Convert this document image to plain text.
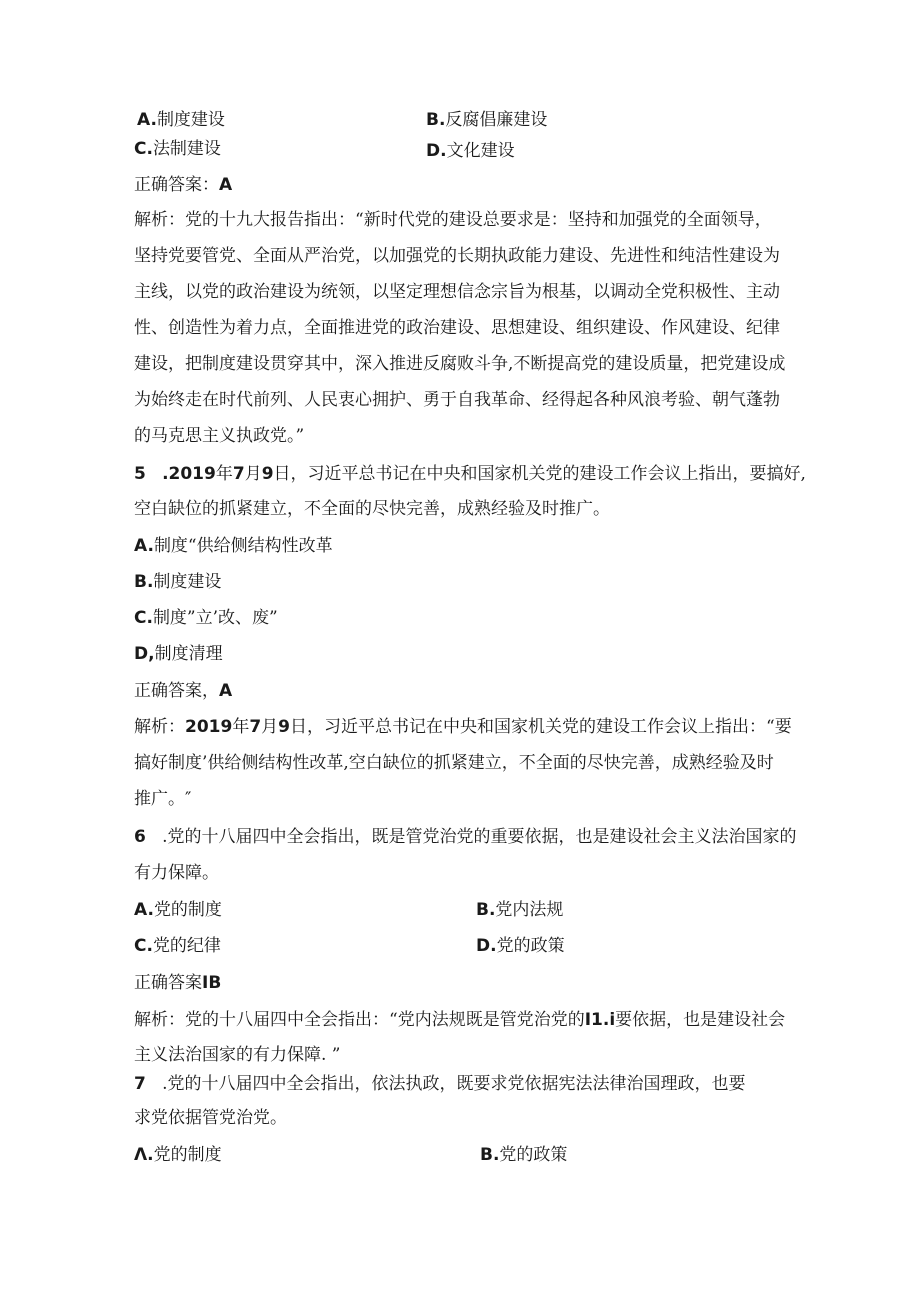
A.制度建设	B.反腐倡廉建设
C.法制建设	D.文化建设
正确答案：A
解析：党的十九大报告指出：“新时代党的建设总要求是：坚持和加强党的全面领导，
坚持党要管党、全面从严治党，以加强党的长期执政能力建设、先进性和纯洁性建设为
主线，以党的政治建设为统领，以坚定理想信念宗旨为根基，以调动全党积极性、主动
性、创造性为着力点，全面推进党的政治建设、思想建设、组织建设、作风建设、纪律
建设，把制度建设贯穿其中，深入推进反腐败斗争,不断提高党的建设质量，把党建设成
为始终走在时代前列、人民衷心拥护、勇于自我革命、经得起各种风浪考验、朝气蓬勃
的马克思主义执政党。”
5 .2019年7月9日，习近平总书记在中央和国家机关党的建设工作会议上指出，要搞好,
空白缺位的抓紧建立，不全面的尽快完善，成熟经验及时推广。
A.制度“供给侧结构性改革
B.制度建设
C.制度”立’改、废”
D,制度清理
正确答案，A
解析：2019年7月9日，习近平总书记在中央和国家机关党的建设工作会议上指出：“要
搞好制度’供给侧结构性改革,空白缺位的抓紧建立，不全面的尽快完善，成熟经验及时
推广。″
6 .党的十八届四中全会指出，既是管党治党的重要依据，也是建设社会主义法治国家的
有力保障。
A.党的制度	B.党内法规
C.党的纪律	D.党的政策
正确答案IB
解析：党的十八届四中全会指出：“党内法规既是管党治党的I1.i要依据，也是建设社会
主义法治国家的有力保障. ”
7 .党的十八届四中全会指出，依法执政，既要求党依据宪法法律治国理政，也要
求党依据管党治党。
Λ.党的制度	B.党的政策
